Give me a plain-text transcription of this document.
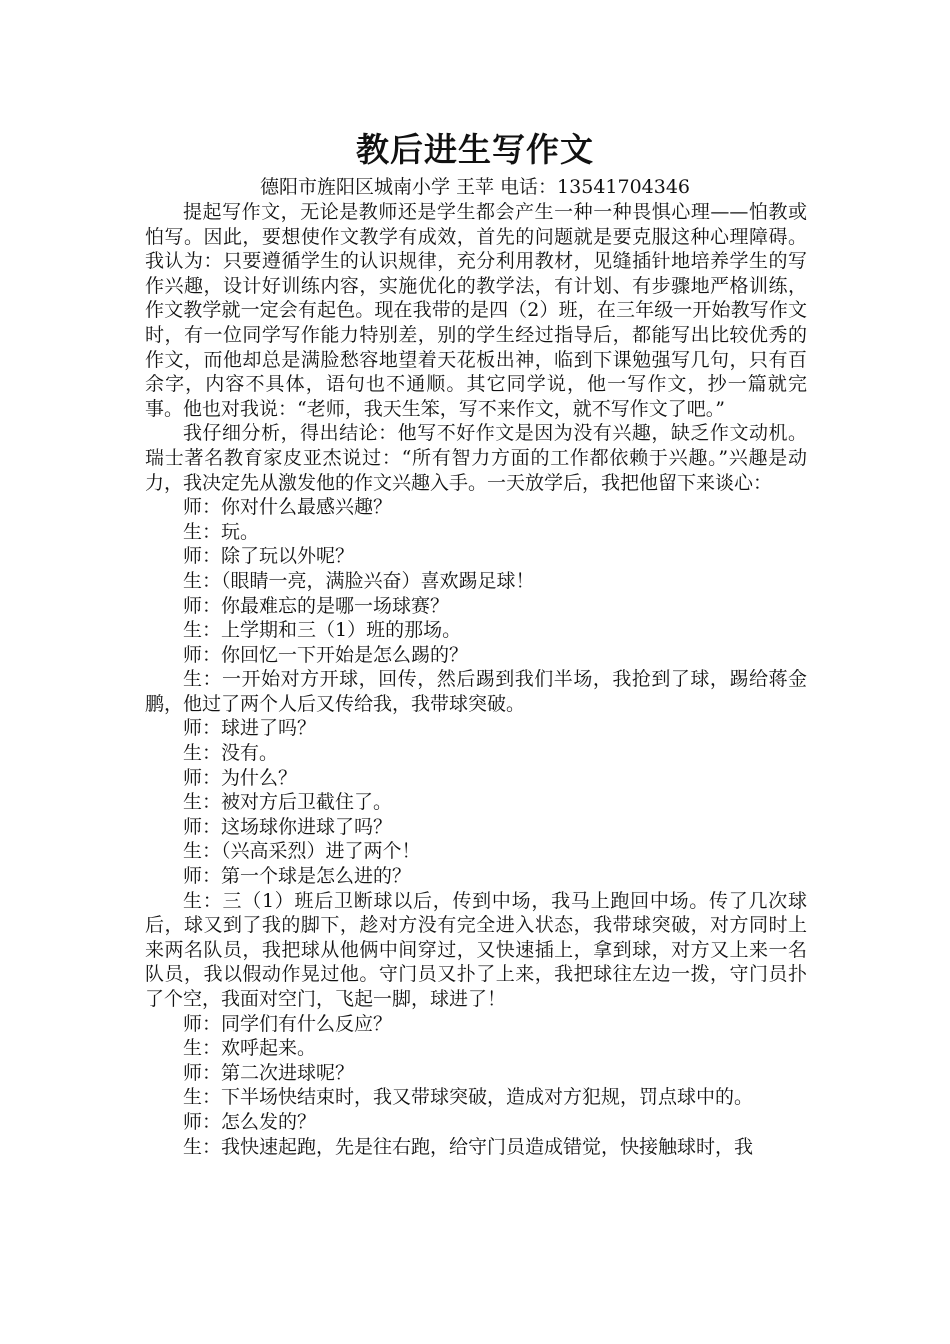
教后进生写作文
德阳市旌阳区城南小学 王苹 电话：13541704346

提起写作文，无论是教师还是学生都会产生一种一种畏惧心理——怕教或怕写。因此，要想使作文教学有成效，首先的问题就是要克服这种心理障碍。我认为：只要遵循学生的认识规律，充分利用教材，见缝插针地培养学生的写作兴趣，设计好训练内容，实施优化的教学法，有计划、有步骤地严格训练，作文教学就一定会有起色。现在我带的是四（2）班，在三年级一开始教写作文时，有一位同学写作能力特别差，别的学生经过指导后，都能写出比较优秀的作文，而他却总是满脸愁容地望着天花板出神，临到下课勉强写几句，只有百余字，内容不具体，语句也不通顺。其它同学说，他一写作文，抄一篇就完事。他也对我说：“老师，我天生笨，写不来作文，就不写作文了吧。”

我仔细分析，得出结论：他写不好作文是因为没有兴趣，缺乏作文动机。瑞士著名教育家皮亚杰说过：“所有智力方面的工作都依赖于兴趣。”兴趣是动力，我决定先从激发他的作文兴趣入手。一天放学后，我把他留下来谈心：

师：你对什么最感兴趣？

生：玩。

师：除了玩以外呢？

生：（眼睛一亮，满脸兴奋）喜欢踢足球！

师：你最难忘的是哪一场球赛？

生：上学期和三（1）班的那场。

师：你回忆一下开始是怎么踢的？

生：一开始对方开球，回传，然后踢到我们半场，我抢到了球，踢给蒋金鹏，他过了两个人后又传给我，我带球突破。

师：球进了吗？

生：没有。

师：为什么？

生：被对方后卫截住了。

师：这场球你进球了吗？

生：（兴高采烈）进了两个！

师：第一个球是怎么进的？

生：三（1）班后卫断球以后，传到中场，我马上跑回中场。传了几次球后，球又到了我的脚下，趁对方没有完全进入状态，我带球突破，对方同时上来两名队员，我把球从他俩中间穿过，又快速插上，拿到球，对方又上来一名队员，我以假动作晃过他。守门员又扑了上来，我把球往左边一拨，守门员扑了个空，我面对空门，飞起一脚，球进了！

师：同学们有什么反应？

生：欢呼起来。

师：第二次进球呢？

生：下半场快结束时，我又带球突破，造成对方犯规，罚点球中的。

师：怎么发的？

生：我快速起跑，先是往右跑，给守门员造成错觉，快接触球时，我
